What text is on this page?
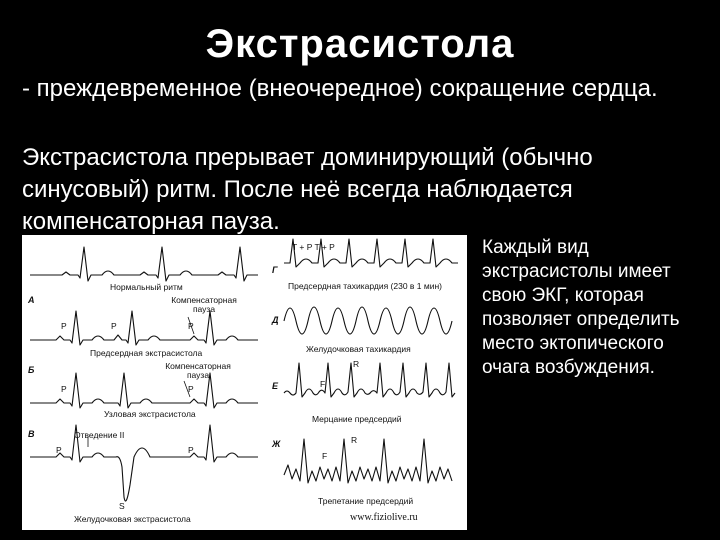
Экстрасистола
- преждевременное (внеочередное) сокращение сердца.
Экстрасистола прерывает доминирующий (обычно синусовый) ритм. После неё всегда наблюдается компенсаторная пауза.
Нормальный ритм
А	Компенсаторная пауза
P	P	P
Предсердная экстрасистола
Б	Компенсаторная пауза
P	P
Узловая экстрасистола
В	Отведение II
P	P
S
Желудочковая экстрасистола
Г
T + P T + P
Предсердная тахикардия (230 в 1 мин)
Д
Желудочковая тахикардия
Е
R
F
Мерцание предсердий
Ж	R
F
Трепетание предсердий
www.fiziolive.ru
Каждый вид экстрасистолы имеет свою ЭКГ, которая позволяет определить место эктопического очага возбуждения.
